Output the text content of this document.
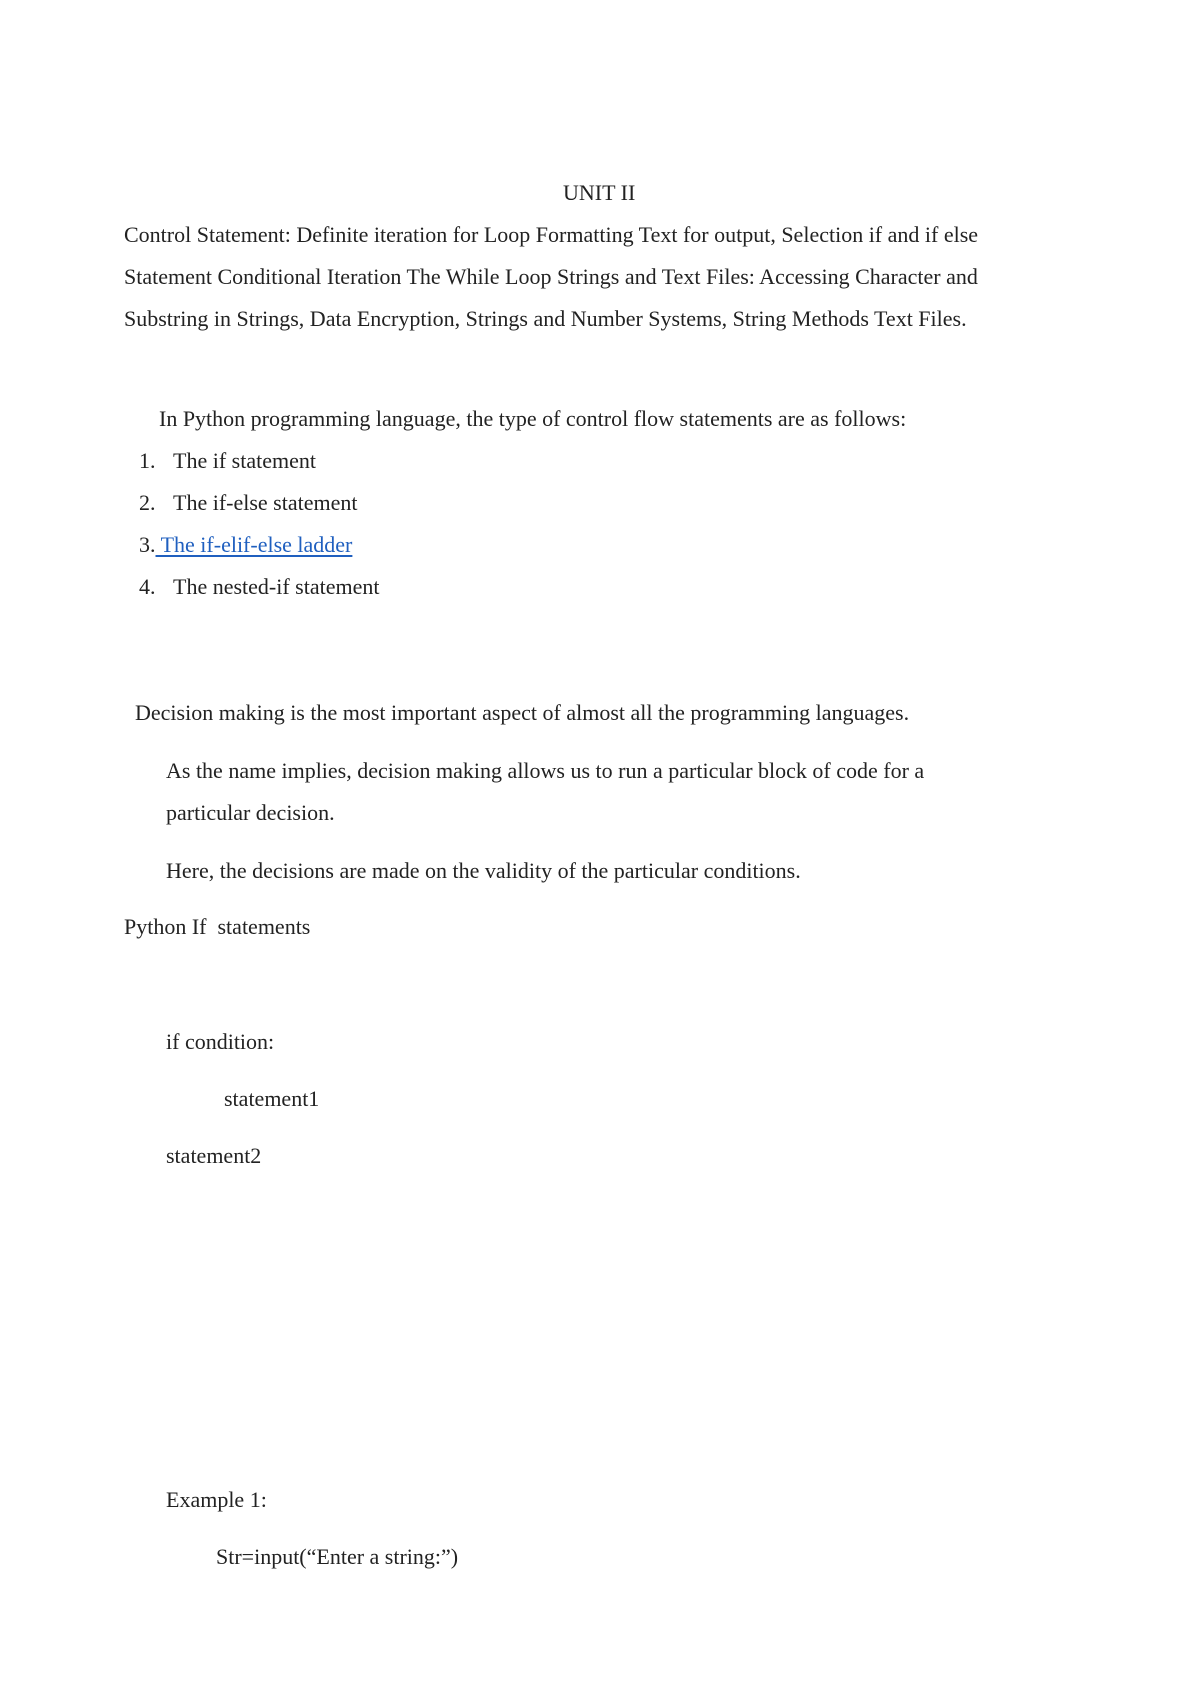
UNIT II
Control Statement: Definite iteration for Loop Formatting Text for output, Selection if and if else
Statement Conditional Iteration The While Loop Strings and Text Files: Accessing Character and
Substring in Strings, Data Encryption, Strings and Number Systems, String Methods Text Files.
In Python programming language, the type of control flow statements are as follows:
1. The if statement
2. The if-else statement
3. The if-elif-else ladder
4. The nested-if statement
Decision making is the most important aspect of almost all the programming languages.
As the name implies, decision making allows us to run a particular block of code for a
particular decision.
Here, the decisions are made on the validity of the particular conditions.
Python If  statements
if condition:
statement1
statement2
Example 1:
Str=input(“Enter a string:”)
